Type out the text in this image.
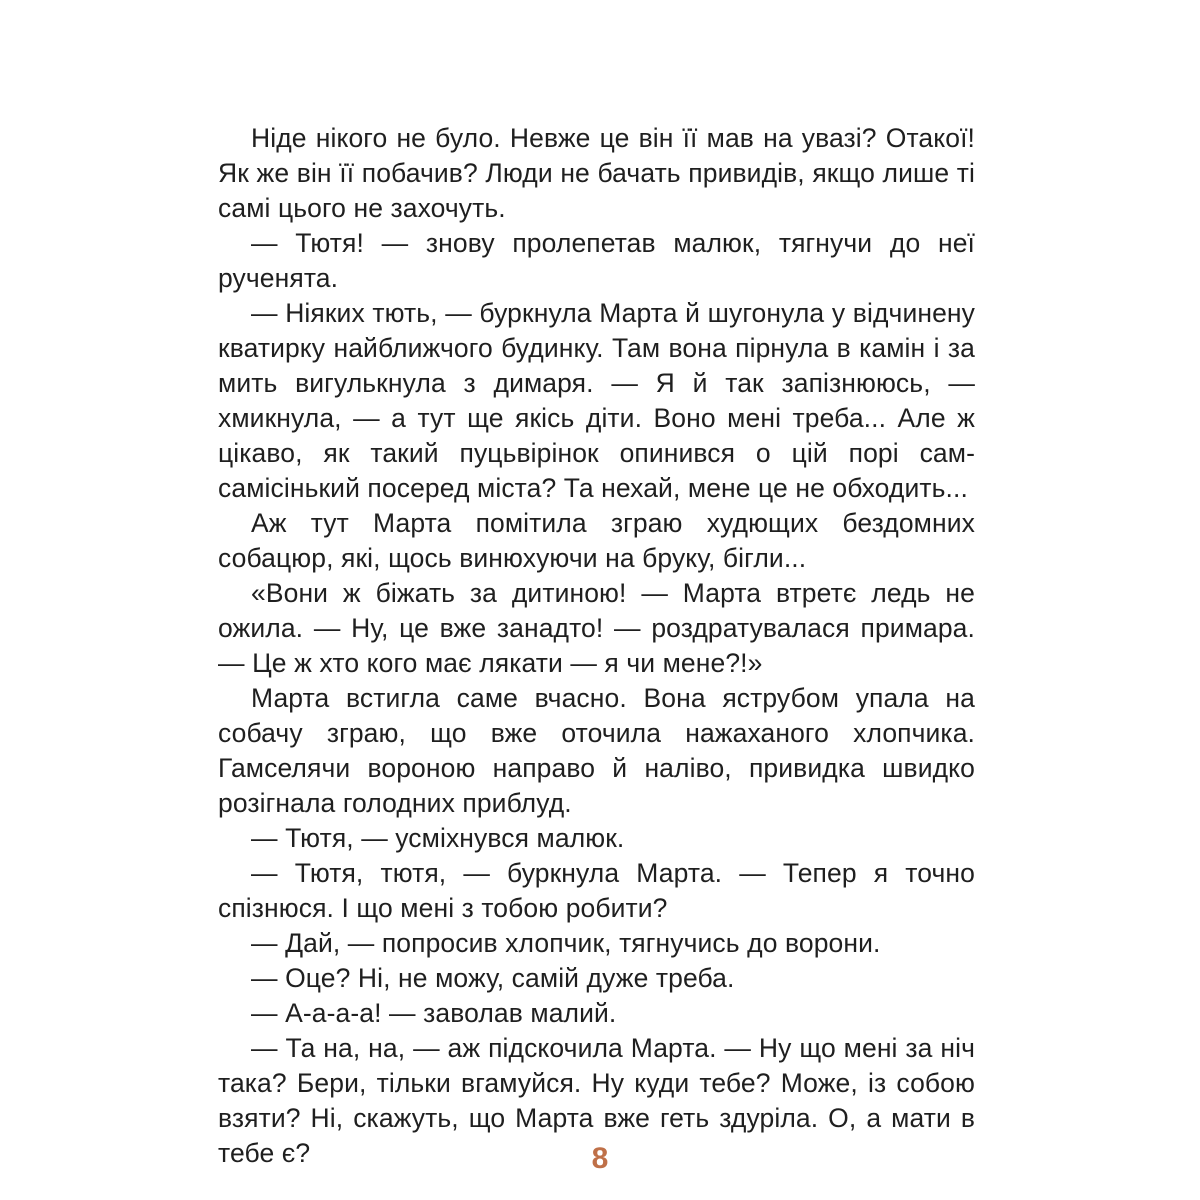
Ніде нікого не було. Невже це він її мав на увазі? Отакої! Як же він її побачив? Люди не бачать привидів, якщо лише ті самі цього не захочуть.

— Тютя! — знову пролепетав малюк, тягнучи до неї рученята.

— Ніяких тють, — буркнула Марта й шугонула у відчинену кватирку найближчого будинку. Там вона пірнула в камін і за мить вигулькнула з димаря. — Я й так запізнююсь, — хмикнула, — а тут ще якісь діти. Воно мені треба... Але ж цікаво, як такий пуцьвірінок опинився о цій порі сам-самісінький посеред міста? Та нехай, мене це не обходить...

Аж тут Марта помітила зграю худющих бездомних собацюр, які, щось винюхуючи на бруку, бігли...

«Вони ж біжать за дитиною! — Марта втретє ледь не ожила. — Ну, це вже занадто! — роздратувалася примара. — Це ж хто кого має лякати — я чи мене?!»

Марта встигла саме вчасно. Вона яструбом упала на собачу зграю, що вже оточила нажаханого хлопчика. Гамселячи вороною направо й наліво, привидка швидко розігнала голодних приблуд.

— Тютя, — усміхнувся малюк.

— Тютя, тютя, — буркнула Марта. — Тепер я точно спізнюся. І що мені з тобою робити?

— Дай, — попросив хлопчик, тягнучись до ворони.

— Оце? Ні, не можу, самій дуже треба.

— А-а-а-а! — заволав малий.

— Та на, на, — аж підскочила Марта. — Ну що мені за ніч така? Бери, тільки вгамуйся. Ну куди тебе? Може, із собою взяти? Ні, скажуть, що Марта вже геть здуріла. О, а мати в тебе є?	8
